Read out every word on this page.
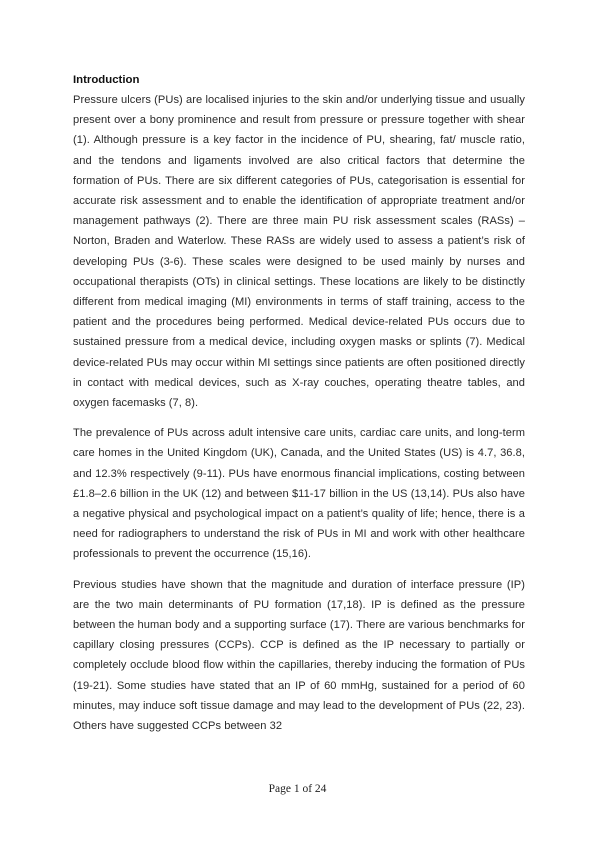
Introduction

Pressure ulcers (PUs) are localised injuries to the skin and/or underlying tissue and usually present over a bony prominence and result from pressure or pressure together with shear (1). Although pressure is a key factor in the incidence of PU, shearing, fat/ muscle ratio, and the tendons and ligaments involved are also critical factors that determine the formation of PUs. There are six different categories of PUs, categorisation is essential for accurate risk assessment and to enable the identification of appropriate treatment and/or management pathways (2). There are three main PU risk assessment scales (RASs) – Norton, Braden and Waterlow. These RASs are widely used to assess a patient’s risk of developing PUs (3-6). These scales were designed to be used mainly by nurses and occupational therapists (OTs) in clinical settings. These locations are likely to be distinctly different from medical imaging (MI) environments in terms of staff training, access to the patient and the procedures being performed. Medical device-related PUs occurs due to sustained pressure from a medical device, including oxygen masks or splints (7). Medical device-related PUs may occur within MI settings since patients are often positioned directly in contact with medical devices, such as X-ray couches, operating theatre tables, and oxygen facemasks (7, 8).

The prevalence of PUs across adult intensive care units, cardiac care units, and long-term care homes in the United Kingdom (UK), Canada, and the United States (US) is 4.7, 36.8, and 12.3% respectively (9-11). PUs have enormous financial implications, costing between £1.8–2.6 billion in the UK (12) and between $11-17 billion in the US (13,14). PUs also have a negative physical and psychological impact on a patient’s quality of life; hence, there is a need for radiographers to understand the risk of PUs in MI and work with other healthcare professionals to prevent the occurrence (15,16).

Previous studies have shown that the magnitude and duration of interface pressure (IP) are the two main determinants of PU formation (17,18). IP is defined as the pressure between the human body and a supporting surface (17). There are various benchmarks for capillary closing pressures (CCPs). CCP is defined as the IP necessary to partially or completely occlude blood flow within the capillaries, thereby inducing the formation of PUs (19-21). Some studies have stated that an IP of 60 mmHg, sustained for a period of 60 minutes, may induce soft tissue damage and may lead to the development of PUs (22, 23). Others have suggested CCPs between 32

Page 1 of 24
